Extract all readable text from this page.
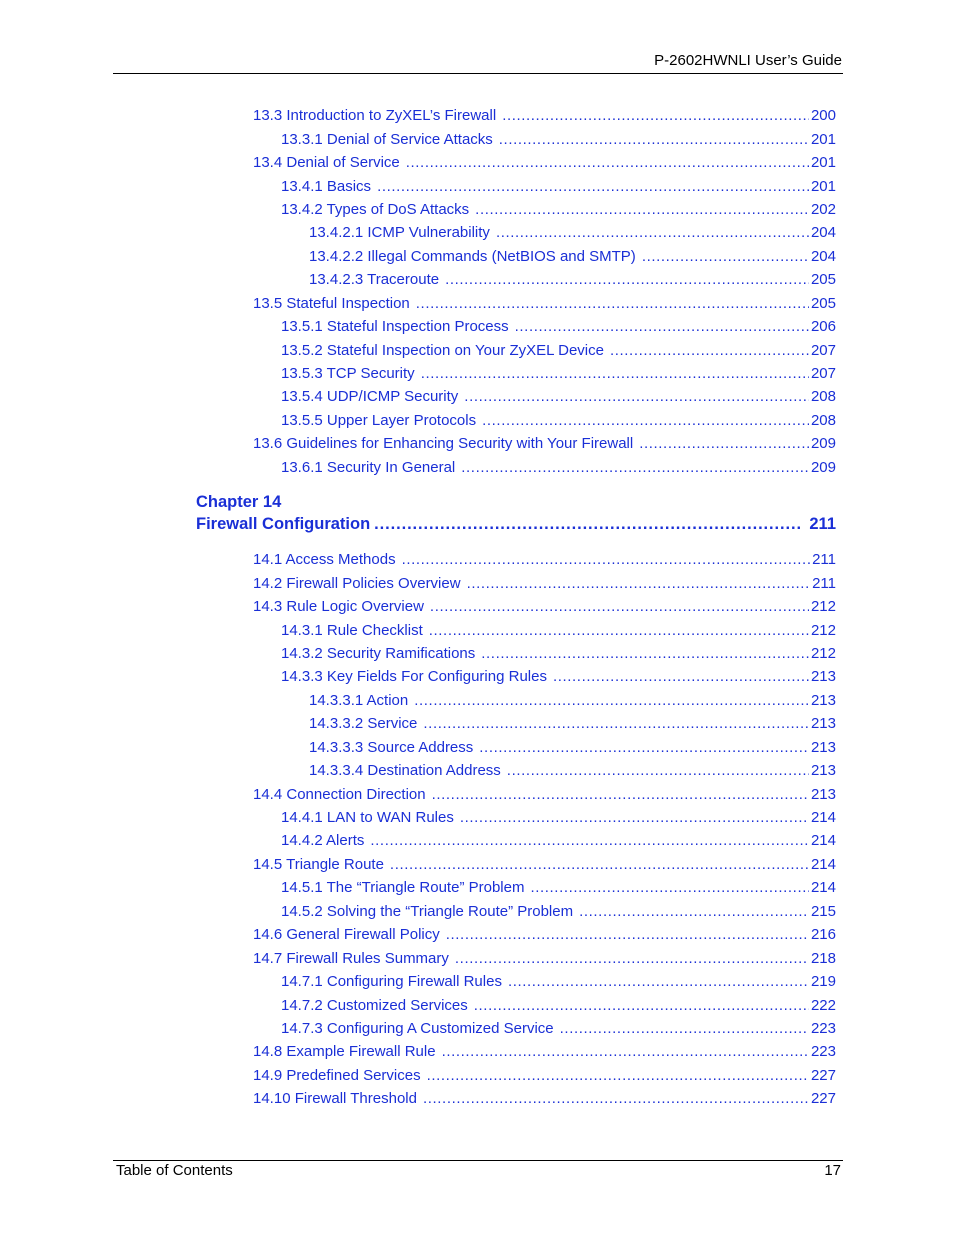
P-2602HWNLI User’s Guide
13.3 Introduction to ZyXEL’s Firewall .....	200
13.3.1 Denial of Service Attacks .....	201
13.4 Denial of Service .....	201
13.4.1 Basics .....	201
13.4.2 Types of DoS Attacks .....	202
13.4.2.1 ICMP Vulnerability .....	204
13.4.2.2 Illegal Commands (NetBIOS and SMTP) .....	204
13.4.2.3 Traceroute .....	205
13.5 Stateful Inspection .....	205
13.5.1 Stateful Inspection Process .....	206
13.5.2 Stateful Inspection on Your ZyXEL Device .....	207
13.5.3 TCP Security .....	207
13.5.4 UDP/ICMP Security .....	208
13.5.5 Upper Layer Protocols .....	208
13.6 Guidelines for Enhancing Security with Your Firewall .....	209
13.6.1 Security In General .....	209
Chapter 14
Firewall Configuration .....	211
14.1 Access Methods .....	211
14.2 Firewall Policies Overview .....	211
14.3 Rule Logic Overview .....	212
14.3.1 Rule Checklist .....	212
14.3.2 Security Ramifications .....	212
14.3.3 Key Fields For Configuring Rules .....	213
14.3.3.1 Action .....	213
14.3.3.2 Service .....	213
14.3.3.3 Source Address .....	213
14.3.3.4 Destination Address .....	213
14.4 Connection Direction .....	213
14.4.1 LAN to WAN Rules .....	214
14.4.2 Alerts .....	214
14.5 Triangle Route .....	214
14.5.1 The “Triangle Route” Problem .....	214
14.5.2 Solving the “Triangle Route” Problem .....	215
14.6 General Firewall Policy .....	216
14.7 Firewall Rules Summary .....	218
14.7.1 Configuring Firewall Rules .....	219
14.7.2 Customized Services .....	222
14.7.3 Configuring A Customized Service .....	223
14.8 Example Firewall Rule .....	223
14.9 Predefined Services .....	227
14.10 Firewall Threshold .....	227
Table of Contents	17
